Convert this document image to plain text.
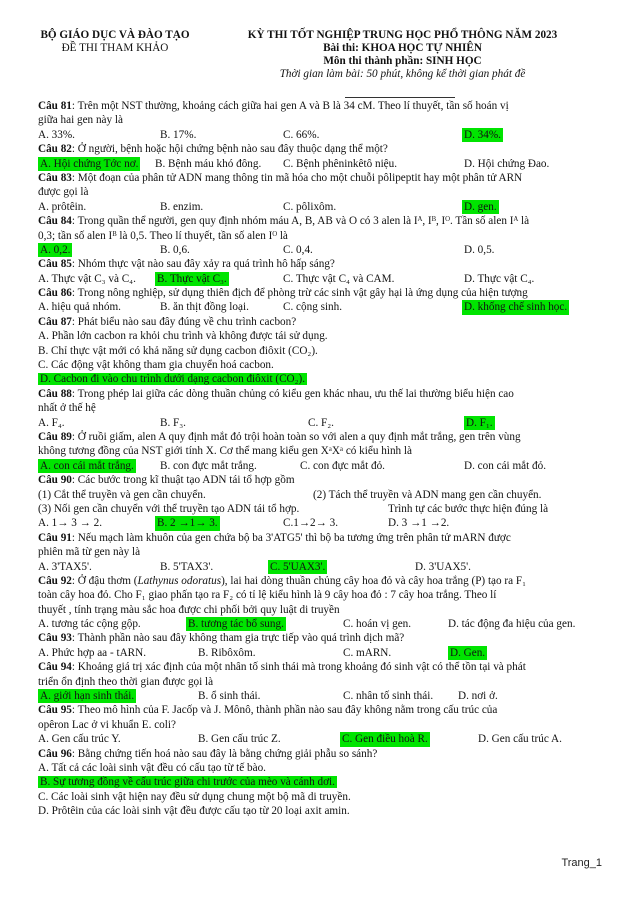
BỘ GIÁO DỤC VÀ ĐÀO TẠO
ĐỀ THI THAM KHẢO
KỲ THI TỐT NGHIỆP TRUNG HỌC PHỔ THÔNG NĂM 2023
Bài thi: KHOA HỌC TỰ NHIÊN
Môn thi thành phần: SINH HỌC
Thời gian làm bài: 50 phút, không kể thời gian phát đề
Câu 81: Trên một NST thường, khoảng cách giữa hai gen A và B là 34 cM. Theo lí thuyết, tần số hoán vị
giữa hai gen này là
A. 33%.	B. 17%.	C. 66%.	D. 34%.
Câu 82: Ở người, bệnh hoặc hội chứng bệnh nào sau đây thuộc dạng thể một?
A. Hội chứng Tớc nơ. B. Bệnh máu khó đông. C. Bệnh phêninkêtô niệu.	D. Hội chứng Đao.
Câu 83: Một đoạn của phân tử ADN mang thông tin mã hóa cho một chuỗi pôlipeptit hay một phân tử ARN
được gọi là
A. prôtêin.	B. enzim.	C. pôlixôm.	D. gen.
Câu 84: Trong quần thể người, gen quy định nhóm máu A, B, AB và O có 3 alen là Iᴬ, Iᴮ, Iᴼ. Tần số alen Iᴬ là
0,3; tần số alen Iᴮ là 0,5. Theo lí thuyết, tần số alen Iᴼ là
A. 0,2.	B. 0,6.	C. 0,4.	D. 0,5.
Câu 85: Nhóm thực vật nào sau đây xảy ra quá trình hô hấp sáng?
A. Thực vật C₃ và C₄. B. Thực vật C₃.	C. Thực vật C₄ và CAM.	D. Thực vật C₄.
Câu 86: Trong nông nghiệp, sử dụng thiên địch để phòng trừ các sinh vật gây hại là ứng dụng của hiện tượng
A. hiệu quả nhóm.	B. ăn thịt đồng loại.	C. cộng sinh.	D. khống chế sinh học.
Câu 87: Phát biểu nào sau đây đúng về chu trình cacbon?
A. Phần lớn cacbon ra khỏi chu trình và không được tái sử dụng.
B. Chỉ thực vật mới có khả năng sử dụng cacbon điôxit (CO₂).
C. Các động vật không tham gia chuyển hoá cacbon.
D. Cacbon đi vào chu trình dưới dạng cacbon điôxit (CO₂).
Câu 88: Trong phép lai giữa các dòng thuần chủng có kiểu gen khác nhau, ưu thế lai thường biểu hiện cao
nhất ở thế hệ
A. F₄.	B. F₃.	C. F₂.	D. F₁.
Câu 89: Ở ruồi giấm, alen A quy định mắt đỏ trội hoàn toàn so với alen a quy định mắt trắng, gen trên vùng
không tương đồng của NST giới tính X. Cơ thể mang kiểu gen XᵃXᵃ có kiểu hình là
A. con cái mắt trắng. B. con đực mắt trắng.	C. con đực mắt đỏ.	D. con cái mắt đỏ.
Câu 90: Các bước trong kĩ thuật tạo ADN tái tổ hợp gồm
(1) Cắt thể truyền và gen cần chuyển.	(2) Tách thể truyền và ADN mang gen cần chuyển.
(3) Nối gen cần chuyển với thể truyền tạo ADN tái tổ hợp.	Trình tự các bước thực hiện đúng là
A. 1→ 3 → 2.	B. 2 →1→ 3.	C.1→2→ 3.	D. 3 →1 →2.
Câu 91: Nếu mạch làm khuôn của gen chứa bộ ba 3'ATG5' thì bộ ba tương ứng trên phân tử mARN được
phiên mã từ gen này là
A. 3'TAX5'.	B. 5'TAX3'.	C. 5'UAX3'.	D. 3'UAX5'.
Câu 92: Ở đậu thơm (Lathynus odoratus), lai hai dòng thuần chủng cây hoa đỏ và cây hoa trắng (P) tạo ra F₁
toàn cây hoa đỏ. Cho F₁ giao phấn tạo ra F₂ có tỉ lệ kiểu hình là 9 cây hoa đỏ : 7 cây hoa trắng. Theo lí
thuyết , tính trạng màu sắc hoa được chi phối bởi quy luật di truyền
A. tương tác cộng gộp.	B. tương tác bổ sung.	C. hoán vị gen.	D. tác động đa hiệu của gen.
Câu 93: Thành phần nào sau đây không tham gia trực tiếp vào quá trình dịch mã?
A. Phức hợp aa - tARN.	B. Ribôxôm.	C. mARN.	D. Gen.
Câu 94: Khoảng giá trị xác định của một nhân tố sinh thái mà trong khoảng đó sinh vật có thể tồn tại và phát
triển ổn định theo thời gian được gọi là
A. giới hạn sinh thái.	B. ổ sinh thái.	C. nhân tố sinh thái. D. nơi ở.
Câu 95: Theo mô hình của F. Jacốp và J. Mônô, thành phần nào sau đây không nằm trong cấu trúc của
opêron Lac ở vi khuẩn E. coli?
A. Gen cấu trúc Y.	B. Gen cấu trúc Z.	C. Gen điều hoà R.	D. Gen cấu trúc A.
Câu 96: Bằng chứng tiến hoá nào sau đây là bằng chứng giải phẫu so sánh?
A. Tất cả các loài sinh vật đều có cấu tạo từ tế bào.
B. Sự tương đồng về cấu trúc giữa chi trước của mèo và cánh dơi.
C. Các loài sinh vật hiện nay đều sử dụng chung một bộ mã di truyền.
D. Prôtêin của các loài sinh vật đều được cấu tạo từ 20 loại axit amin.
Trang_1
